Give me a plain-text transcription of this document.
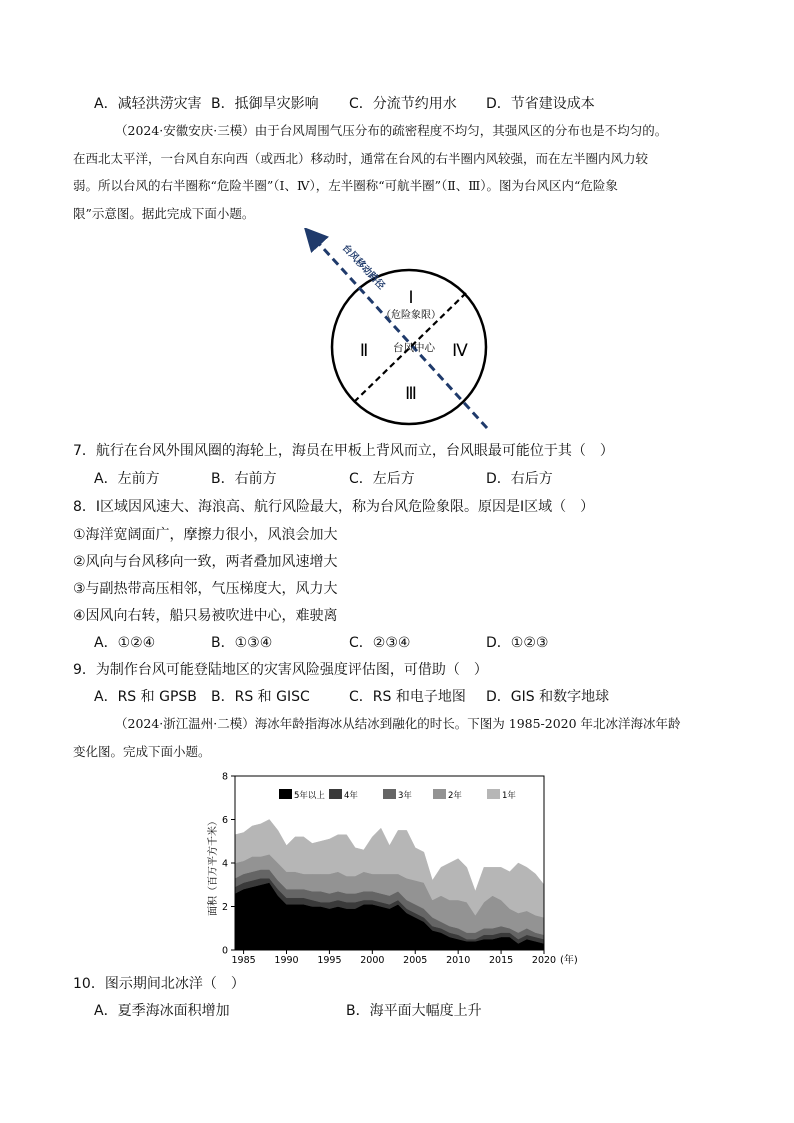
A．减轻洪涝灾害 B．抵御旱灾影响 C．分流节约用水 D．节省建设成本
（2024·安徽安庆·三模）由于台风周围气压分布的疏密程度不均匀，其强风区的分布也是不均匀的。
在西北太平洋，一台风自东向西（或西北）移动时，通常在台风的右半圈内风较强，而在左半圈内风力较
弱。所以台风的右半圈称“危险半圈”（Ⅰ、Ⅳ），左半圈称“可航半圈”（Ⅱ、Ⅲ）。图为台风区内“危险象
限”示意图。据此完成下面小题。
台风移动路径
Ⅰ
（危险象限）
Ⅱ
Ⅲ
Ⅳ
台风中心
7．航行在台风外围风圈的海轮上，海员在甲板上背风而立，台风眼最可能位于其（　）
A．左前方	B．右前方	C．左后方	D．右后方
8．Ⅰ区域因风速大、海浪高、航行风险最大，称为台风危险象限。原因是Ⅰ区域（　）
①海洋宽阔面广，摩擦力很小，风浪会加大
②风向与台风移向一致，两者叠加风速增大
③与副热带高压相邻，气压梯度大，风力大
④因风向右转，船只易被吹进中心，难驶离
A．①②④	B．①③④	C．②③④	D．①②③
9．为制作台风可能登陆地区的灾害风险强度评估图，可借助（　）
A．RS 和 GPSB B．RS 和 GISC	C．RS 和电子地图 D．GIS 和数字地球
（2024·浙江温州·二模）海冰年龄指海冰从结冰到融化的时长。下图为 1985-2020 年北冰洋海冰年龄
变化图。完成下面小题。
0
2
4
6
8
1985 1990 1995 2000 2005 2010 2015 2020
5年以上 4年	3年	2年	1年
面积（百万平方千米）
(年)
10．图示期间北冰洋（　）
A．夏季海冰面积增加	B．海平面大幅度上升
